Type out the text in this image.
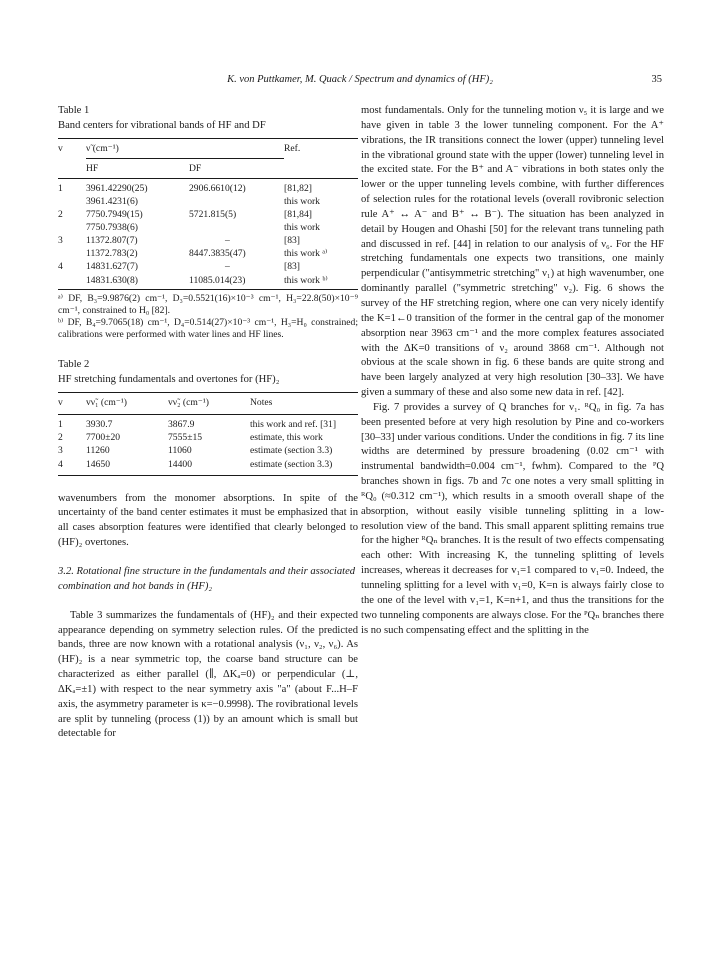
K. von Puttkamer, M. Quack / Spectrum and dynamics of (HF)₂	35

Table 1

Band centers for vibrational bands of HF and DF

v	ν̃ (cm⁻¹)		Ref.
	HF	DF	
1	3961.42290(25)	2906.6610(12)	[81,82]
	3961.4231(6)		this work
2	7750.7949(15)	5721.815(5)	[81,84]
	7750.7938(6)		this work
3	11372.807(7)	–	[83]
	11372.783(2)	8447.3835(47)	this work ᵃ⁾
4	14831.627(7)	–	[83]
	14831.630(8)	11085.014(23)	this work ᵇ⁾

ᵃ⁾ DF, B₃=9.9876(2) cm⁻¹, D₃=0.5521(16)×10⁻³ cm⁻¹, H₃=22.8(50)×10⁻⁹ cm⁻¹, constrained to H₀ [82].

ᵇ⁾ DF, B₄=9.7065(18) cm⁻¹, D₄=0.514(27)×10⁻³ cm⁻¹, H₃=H₀ constrained; calibrations were performed with water lines and HF lines.

Table 2

HF stretching fundamentals and overtones for (HF)₂

v	vν̃₁ (cm⁻¹)	vν̃₂ (cm⁻¹)	Notes
1	3930.7	3867.9	this work and ref. [31]
2	7700±20	7555±15	estimate, this work
3	11260	11060	estimate (section 3.3)
4	14650	14400	estimate (section 3.3)

wavenumbers from the monomer absorptions. In spite of the uncertainty of the band center estimates it must be emphasized that in all cases absorption features were identified that clearly belonged to (HF)₂ overtones.

3.2. Rotational fine structure in the fundamentals and their associated combination and hot bands in (HF)₂

Table 3 summarizes the fundamentals of (HF)₂ and their expected appearance depending on symmetry selection rules. Of the predicted bands, three are now known with a rotational analysis (ν₁, ν₂, ν₆). As (HF)₂ is a near symmetric top, the coarse band structure can be characterized as either parallel (∥, ΔKₐ=0) or perpendicular (⊥, ΔKₐ=±1) with respect to the near symmetry axis "a" (about F...H–F axis, the asymmetry parameter is κ=−0.9998). The rovibrational levels are split by tunneling (process (1)) by an amount which is small but detectable for

most fundamentals. Only for the tunneling motion ν₅ it is large and we have given in table 3 the lower tunneling component. For the A⁺ vibrations, the IR transitions connect the lower (upper) tunneling level in the vibrational ground state with the upper (lower) tunneling level in the excited state. For the B⁺ and A⁻ vibrations in both states only the lower or the upper tunneling levels combine, with further differences of selection rules for the rotational levels (overall rovibronic selection rule A⁺ ↔ A⁻ and B⁺ ↔ B⁻). The situation has been analyzed in detail by Hougen and Ohashi [50] for the relevant trans tunneling path and discussed in ref. [44] in relation to our analysis of ν₆. For the HF stretching fundamentals one expects two transitions, one mainly perpendicular ("antisymmetric stretching" ν₁) at high wavenumber, one dominantly parallel ("symmetric stretching" ν₂). Fig. 6 shows the survey of the HF stretching region, where one can very nicely identify the K=1←0 transition of the former in the central gap of the monomer absorption near 3963 cm⁻¹ and the more complex features associated with the ΔK=0 transitions of ν₂ around 3868 cm⁻¹. Although not obvious at the scale shown in fig. 6 these bands are quite strong and have been largely analyzed at very high resolution [30–33]. We have given a summary of these and also some new data in ref. [42].

Fig. 7 provides a survey of Q branches for ν₁. ᴿQ₀ in fig. 7a has been presented before at very high resolution by Pine and co-workers [30–33] under various conditions. Under the conditions in fig. 7 its line widths are determined by pressure broadening (0.02 cm⁻¹ with instrumental bandwidth=0.004 cm⁻¹, fwhm). Compared to the ᴾQ branches shown in figs. 7b and 7c one notes a very small splitting in ᴿQ₀ (≈0.312 cm⁻¹), which results in a smooth overall shape of the absorption, without easily visible tunneling splitting in a low-resolution view of the band. This small apparent splitting remains true for the higher ᴿQₙ branches. It is the result of two effects compensating each other: With increasing K, the tunneling splitting of levels increases, whereas it decreases for v₁=1 compared to v₁=0. Indeed, the tunneling splitting for a level with v₁=0, K=n is always fairly close to the one of the level with v₁=1, K=n+1, and thus the transitions for the two tunneling components are always close. For the ᴾQₙ branches there is no such compensating effect and the splitting in the
